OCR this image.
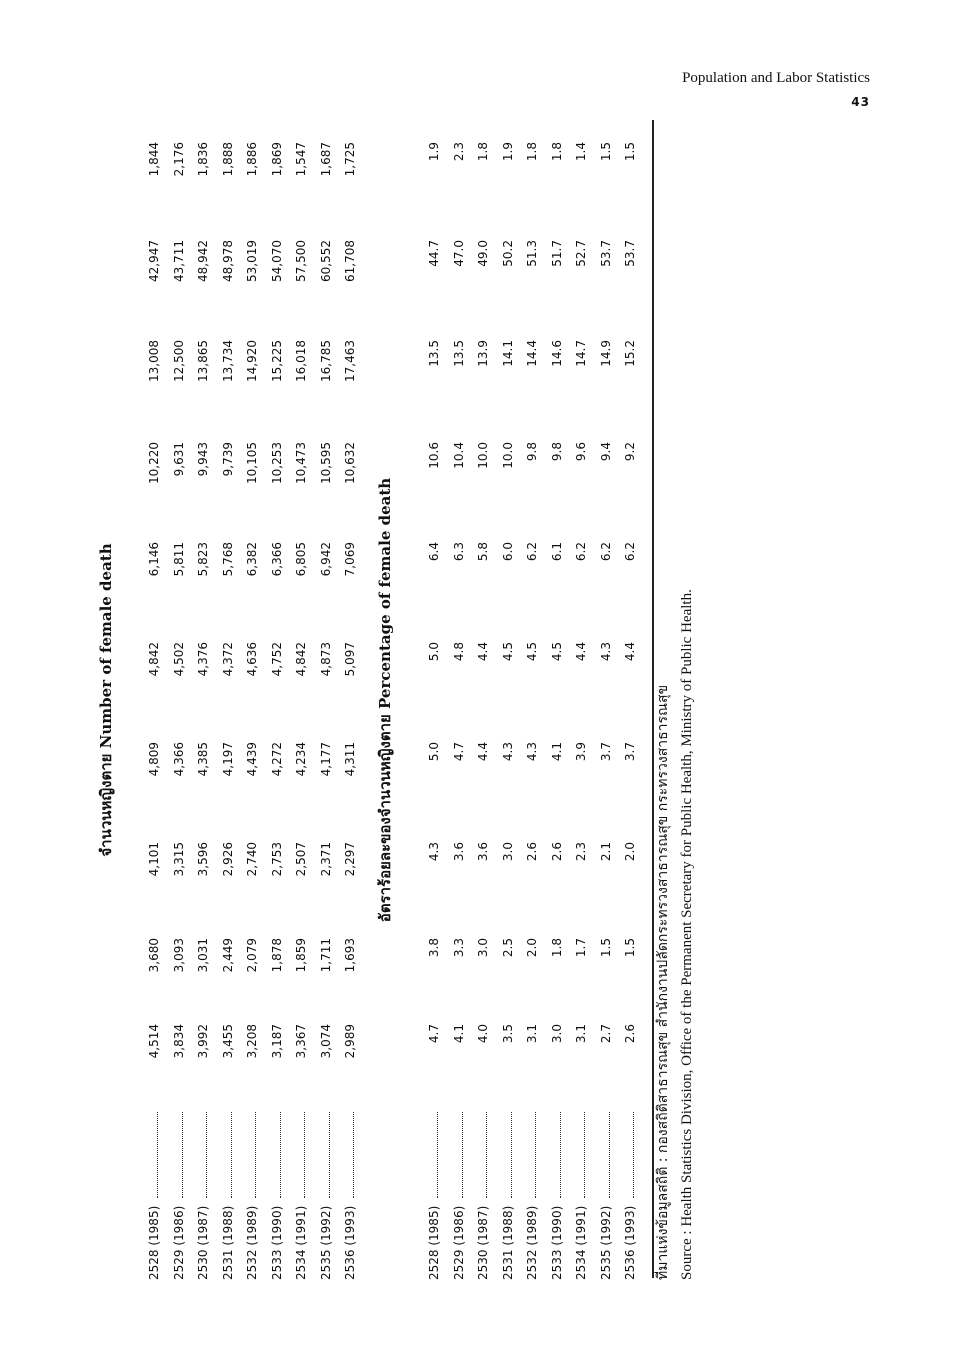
Population and Labor Statistics
43
จำนวนหญิงตาย Number of female death
2528 (1985)
4,514
3,680
4,101
4,809
4,842
6,146
10,220
13,008
42,947
1,844
2529 (1986)
3,834
3,093
3,315
4,366
4,502
5,811
9,631
12,500
43,711
2,176
2530 (1987)
3,992
3,031
3,596
4,385
4,376
5,823
9,943
13,865
48,942
1,836
2531 (1988)
3,455
2,449
2,926
4,197
4,372
5,768
9,739
13,734
48,978
1,888
2532 (1989)
3,208
2,079
2,740
4,439
4,636
6,382
10,105
14,920
53,019
1,886
2533 (1990)
3,187
1,878
2,753
4,272
4,752
6,366
10,253
15,225
54,070
1,869
2534 (1991)
3,367
1,859
2,507
4,234
4,842
6,805
10,473
16,018
57,500
1,547
2535 (1992)
3,074
1,711
2,371
4,177
4,873
6,942
10,595
16,785
60,552
1,687
2536 (1993)
2,989
1,693
2,297
4,311
5,097
7,069
10,632
17,463
61,708
1,725
อัตราร้อยละของจำนวนหญิงตาย Percentage of female death
2528 (1985)
4.7
3.8
4.3
5.0
5.0
6.4
10.6
13.5
44.7
1.9
2529 (1986)
4.1
3.3
3.6
4.7
4.8
6.3
10.4
13.5
47.0
2.3
2530 (1987)
4.0
3.0
3.6
4.4
4.4
5.8
10.0
13.9
49.0
1.8
2531 (1988)
3.5
2.5
3.0
4.3
4.5
6.0
10.0
14.1
50.2
1.9
2532 (1989)
3.1
2.0
2.6
4.3
4.5
6.2
9.8
14.4
51.3
1.8
2533 (1990)
3.0
1.8
2.6
4.1
4.5
6.1
9.8
14.6
51.7
1.8
2534 (1991)
3.1
1.7
2.3
3.9
4.4
6.2
9.6
14.7
52.7
1.4
2535 (1992)
2.7
1.5
2.1
3.7
4.3
6.2
9.4
14.9
53.7
1.5
2536 (1993)
2.6
1.5
2.0
3.7
4.4
6.2
9.2
15.2
53.7
1.5
ที่มาแห่งข้อมูลสถิติ : กองสถิติสาธารณสุข สำนักงานปลัดกระทรวงสาธารณสุข กระทรวงสาธารณสุข Source : Health Statistics Division, Office of the Permanent Secretary for Public Health, Ministry of Public Health.
